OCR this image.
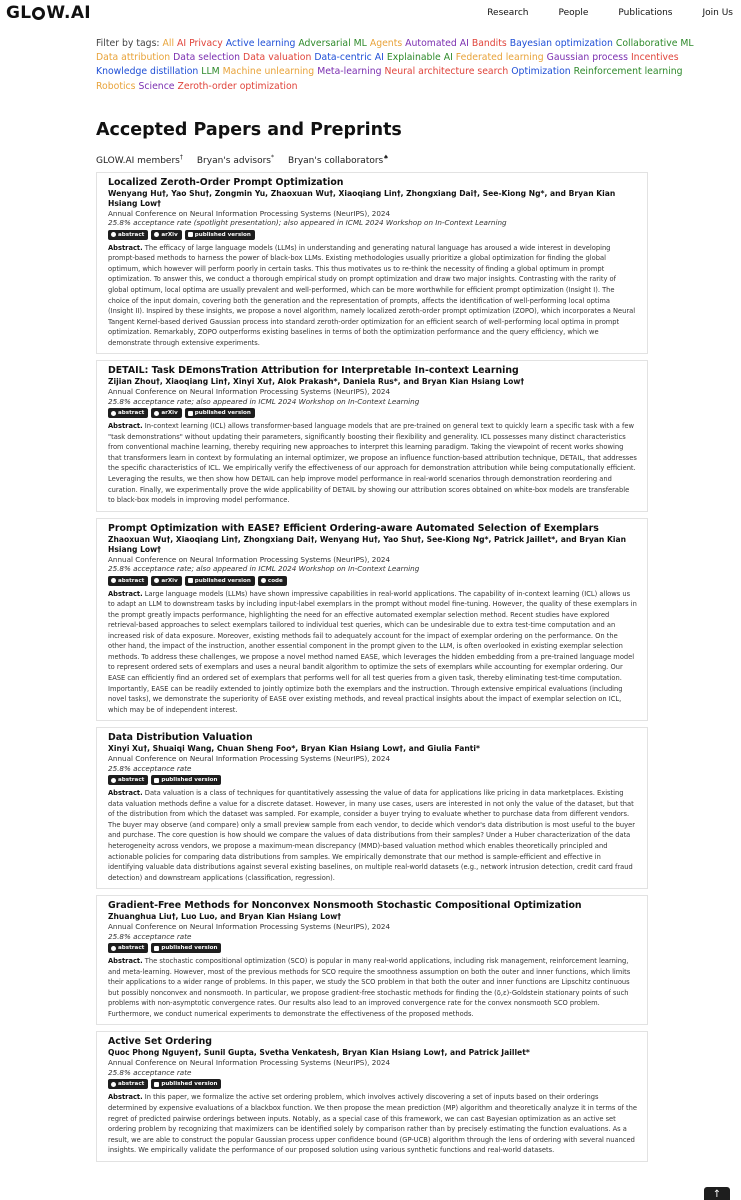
GL W.AI	Research	People	Publications	Join Us
Filter by tags: All AI Privacy Active learning Adversarial ML Agents Automated AI Bandits Bayesian optimization Collaborative ML Data attribution Data selection Data valuation Data-centric AI Explainable AI Federated learning Gaussian process Incentives Knowledge distillation LLM Machine unlearning Meta-learning Neural architecture search Optimization Reinforcement learning Robotics Science Zeroth-order optimization
Accepted Papers and Preprints
GLOW.AI members† Bryan's advisors* Bryan's collaborators♠
Localized Zeroth-Order Prompt Optimization
Wenyang Hu†, Yao Shu†, Zongmin Yu, Zhaoxuan Wu†, Xiaoqiang Lin†, Zhongxiang Dai†, See-Kiong Ng*, and Bryan Kian Hsiang Low†
Annual Conference on Neural Information Processing Systems (NeurIPS), 2024
25.8% acceptance rate (spotlight presentation); also appeared in ICML 2024 Workshop on In-Context Learning
abstract	arXiv	published version
Abstract. The efficacy of large language models (LLMs) in understanding and generating natural language has aroused a wide interest in developing prompt-based methods to harness the power of black-box LLMs. Existing methodologies usually prioritize a global optimization for finding the global optimum, which however will perform poorly in certain tasks. This thus motivates us to re-think the necessity of finding a global optimum in prompt optimization. To answer this, we conduct a thorough empirical study on prompt optimization and draw two major insights. Contrasting with the rarity of global optimum, local optima are usually prevalent and well-performed, which can be more worthwhile for efficient prompt optimization (Insight I). The choice of the input domain, covering both the generation and the representation of prompts, affects the identification of well-performing local optima (Insight II). Inspired by these insights, we propose a novel algorithm, namely localized zeroth-order prompt optimization (ZOPO), which incorporates a Neural Tangent Kernel-based derived Gaussian process into standard zeroth-order optimization for an efficient search of well-performing local optima in prompt optimization. Remarkably, ZOPO outperforms existing baselines in terms of both the optimization performance and the query efficiency, which we demonstrate through extensive experiments.
DETAIL: Task DEmonsTration Attribution for Interpretable In-context Learning
Zijian Zhou†, Xiaoqiang Lin†, Xinyi Xu†, Alok Prakash*, Daniela Rus*, and Bryan Kian Hsiang Low†
Annual Conference on Neural Information Processing Systems (NeurIPS), 2024
25.8% acceptance rate; also appeared in ICML 2024 Workshop on In-Context Learning
abstract	arXiv	published version
Abstract. In-context learning (ICL) allows transformer-based language models that are pre-trained on general text to quickly learn a specific task with a few "task demonstrations" without updating their parameters, significantly boosting their flexibility and generality. ICL possesses many distinct characteristics from conventional machine learning, thereby requiring new approaches to interpret this learning paradigm. Taking the viewpoint of recent works showing that transformers learn in context by formulating an internal optimizer, we propose an influence function-based attribution technique, DETAIL, that addresses the specific characteristics of ICL. We empirically verify the effectiveness of our approach for demonstration attribution while being computationally efficient. Leveraging the results, we then show how DETAIL can help improve model performance in real-world scenarios through demonstration reordering and curation. Finally, we experimentally prove the wide applicability of DETAIL by showing our attribution scores obtained on white-box models are transferable to black-box models in improving model performance.
Prompt Optimization with EASE? Efficient Ordering-aware Automated Selection of Exemplars
Zhaoxuan Wu†, Xiaoqiang Lin†, Zhongxiang Dai†, Wenyang Hu†, Yao Shu†, See-Kiong Ng*, Patrick Jaillet*, and Bryan Kian Hsiang Low†
Annual Conference on Neural Information Processing Systems (NeurIPS), 2024
25.8% acceptance rate; also appeared in ICML 2024 Workshop on In-Context Learning
abstract	arXiv	published version	code
Abstract. Large language models (LLMs) have shown impressive capabilities in real-world applications. The capability of in-context learning (ICL) allows us to adapt an LLM to downstream tasks by including input-label exemplars in the prompt without model fine-tuning. However, the quality of these exemplars in the prompt greatly impacts performance, highlighting the need for an effective automated exemplar selection method. Recent studies have explored retrieval-based approaches to select exemplars tailored to individual test queries, which can be undesirable due to extra test-time computation and an increased risk of data exposure. Moreover, existing methods fail to adequately account for the impact of exemplar ordering on the performance. On the other hand, the impact of the instruction, another essential component in the prompt given to the LLM, is often overlooked in existing exemplar selection methods. To address these challenges, we propose a novel method named EASE, which leverages the hidden embedding from a pre-trained language model to represent ordered sets of exemplars and uses a neural bandit algorithm to optimize the sets of exemplars while accounting for exemplar ordering. Our EASE can efficiently find an ordered set of exemplars that performs well for all test queries from a given task, thereby eliminating test-time computation. Importantly, EASE can be readily extended to jointly optimize both the exemplars and the instruction. Through extensive empirical evaluations (including novel tasks), we demonstrate the superiority of EASE over existing methods, and reveal practical insights about the impact of exemplar selection on ICL, which may be of independent interest.
Data Distribution Valuation
Xinyi Xu†, Shuaiqi Wang, Chuan Sheng Foo*, Bryan Kian Hsiang Low†, and Giulia Fanti*
Annual Conference on Neural Information Processing Systems (NeurIPS), 2024
25.8% acceptance rate
abstract	published version
Abstract. Data valuation is a class of techniques for quantitatively assessing the value of data for applications like pricing in data marketplaces. Existing data valuation methods define a value for a discrete dataset. However, in many use cases, users are interested in not only the value of the dataset, but that of the distribution from which the dataset was sampled. For example, consider a buyer trying to evaluate whether to purchase data from different vendors. The buyer may observe (and compare) only a small preview sample from each vendor, to decide which vendor's data distribution is most useful to the buyer and purchase. The core question is how should we compare the values of data distributions from their samples? Under a Huber characterization of the data heterogeneity across vendors, we propose a maximum-mean discrepancy (MMD)-based valuation method which enables theoretically principled and actionable policies for comparing data distributions from samples. We empirically demonstrate that our method is sample-efficient and effective in identifying valuable data distributions against several existing baselines, on multiple real-world datasets (e.g., network intrusion detection, credit card fraud detection) and downstream applications (classification, regression).
Gradient-Free Methods for Nonconvex Nonsmooth Stochastic Compositional Optimization
Zhuanghua Liu†, Luo Luo, and Bryan Kian Hsiang Low†
Annual Conference on Neural Information Processing Systems (NeurIPS), 2024
25.8% acceptance rate
abstract	published version
Abstract. The stochastic compositional optimization (SCO) is popular in many real-world applications, including risk management, reinforcement learning, and meta-learning. However, most of the previous methods for SCO require the smoothness assumption on both the outer and inner functions, which limits their applications to a wider range of problems. In this paper, we study the SCO problem in that both the outer and inner functions are Lipschitz continuous but possibly nonconvex and nonsmooth. In particular, we propose gradient-free stochastic methods for finding the (δ,ε)-Goldstein stationary points of such problems with non-asymptotic convergence rates. Our results also lead to an improved convergence rate for the convex nonsmooth SCO problem. Furthermore, we conduct numerical experiments to demonstrate the effectiveness of the proposed methods.
Active Set Ordering
Quoc Phong Nguyen†, Sunil Gupta, Svetha Venkatesh, Bryan Kian Hsiang Low†, and Patrick Jaillet*
Annual Conference on Neural Information Processing Systems (NeurIPS), 2024
25.8% acceptance rate
abstract	published version
Abstract. In this paper, we formalize the active set ordering problem, which involves actively discovering a set of inputs based on their orderings determined by expensive evaluations of a blackbox function. We then propose the mean prediction (MP) algorithm and theoretically analyze it in terms of the regret of predicted pairwise orderings between inputs. Notably, as a special case of this framework, we can cast Bayesian optimization as an active set ordering problem by recognizing that maximizers can be identified solely by comparison rather than by precisely estimating the function evaluations. As a result, we are able to construct the popular Gaussian process upper confidence bound (GP-UCB) algorithm through the lens of ordering with several nuanced insights. We empirically validate the performance of our proposed solution using various synthetic functions and real-world datasets.
↑
